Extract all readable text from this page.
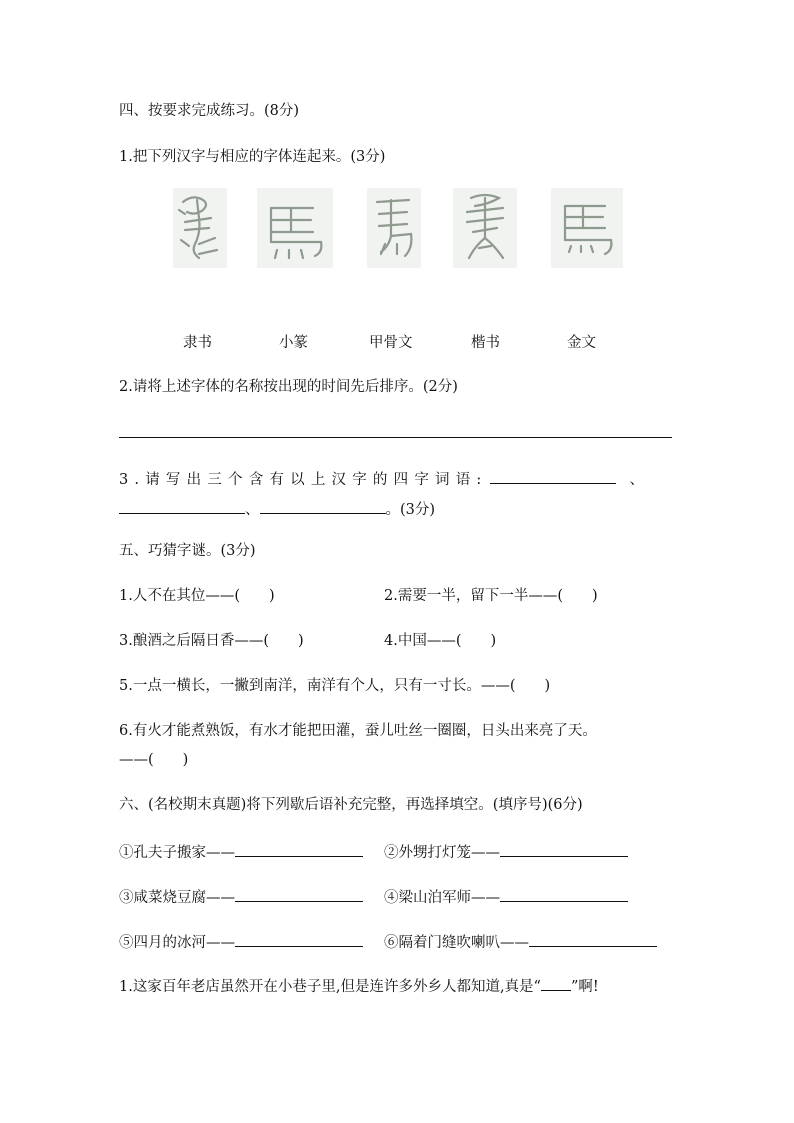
四、按要求完成练习。(8分)
1.把下列汉字与相应的字体连起来。(3分)
隶书	小篆	甲骨文	楷书	金文
2.请将上述字体的名称按出现的时间先后排序。(2分)
3.请写出三个含有以上汉字的四字词语:	、
、	。(3分)
五、巧猜字谜。(3分)
1.人不在其位——(　　)	2.需要一半，留下一半——(　　)
3.酿酒之后隔日香——(　　)	4.中国——(　　)
5.一点一横长，一撇到南洋，南洋有个人，只有一寸长。——(　　)
6.有火才能煮熟饭，有水才能把田灌，蚕儿吐丝一圈圈，日头出来亮了天。
——(　　)
六、(名校期末真题)将下列歇后语补充完整，再选择填空。(填序号)(6分)
①孔夫子搬家——	②外甥打灯笼——
③咸菜烧豆腐——	④梁山泊军师——
⑤四月的冰河——	⑥隔着门缝吹喇叭——
1.这家百年老店虽然开在小巷子里,但是连许多外乡人都知道,真是“ ”啊!
